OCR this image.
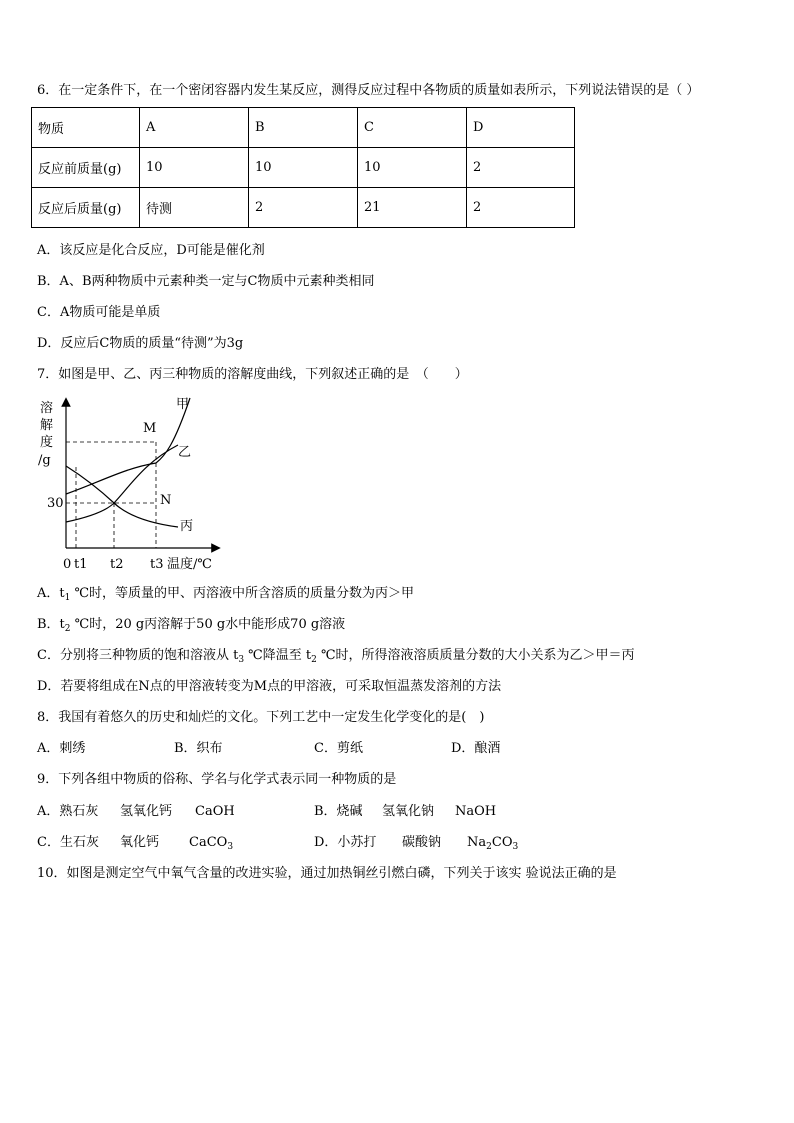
6．在一定条件下，在一个密闭容器内发生某反应，测得反应过程中各物质的质量如表所示，下列说法错误的是（ ）
物质	A	B	C	D
反应前质量(g)	10	10	10	2
反应后质量(g)	待测	2	21	2
A．该反应是化合反应，D可能是催化剂
B．A、B两种物质中元素种类一定与C物质中元素种类相同
C．A物质可能是单质
D．反应后C物质的质量“待测”为3g
7．如图是甲、乙、丙三种物质的溶解度曲线，下列叙述正确的是　（　　）
溶
解
度
/g
30
0 t1 t2 t3 温度/℃
甲
乙
丙
M
N
A．$t_1$ ℃时，等质量的甲、丙溶液中所含溶质的质量分数为丙＞甲
B．$t_2$ ℃时，20 g丙溶解于50 g水中能形成70 g溶液
C．分别将三种物质的饱和溶液从 $t_3$ ℃降温至 $t_2$ ℃时，所得溶液溶质质量分数的大小关系为乙＞甲＝丙
D．若要将组成在N点的甲溶液转变为M点的甲溶液，可采取恒温蒸发溶剂的方法
8．我国有着悠久的历史和灿烂的文化。下列工艺中一定发生化学变化的是(　)
A．刺绣	B．织布	C．剪纸	D．酿酒
9．下列各组中物质的俗称、学名与化学式表示同一种物质的是
A．熟石灰 氢氧化钙 CaOH	B．烧碱 氢氧化钠 NaOH
C．生石灰 氧化钙 CaCO$_3$	D．小苏打 碳酸钠 $Na_2CO_3$
10．如图是测定空气中氧气含量的改进实验，通过加热铜丝引燃白磷，下列关于该实 验说法正确的是
